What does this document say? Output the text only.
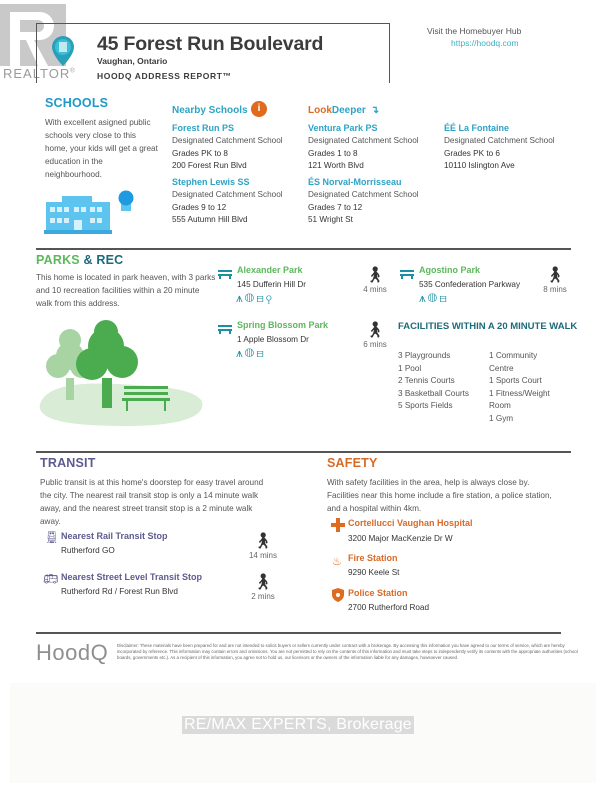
REALTOR®
45 Forest Run Boulevard
Vaughan, Ontario
HOODQ ADDRESS REPORT™
Visit the Homebuyer Hub
https://hoodq.com
SCHOOLS
With excellent asigned public schools very close to this home, your kids will get a great education in the neighbourhood.
Nearby Schools	i	LookDeeper ↴
Forest Run PS
Designated Catchment School
Grades PK to 8
200 Forest Run Blvd
Ventura Park PS
Designated Catchment School
Grades 1 to 8
121 Worth Blvd
ÉÉ La Fontaine
Designated Catchment School
Grades PK to 6
10110 Islington Ave
Stephen Lewis SS
Designated Catchment School
Grades 9 to 12
555 Autumn Hill Blvd
ÉS Norval-Morrisseau
Designated Catchment School
Grades 7 to 12
51 Wright St
PARKS & REC
This home is located in park heaven, with 3 parks and 10 recreation facilities within a 20 minute walk from this address.
Alexander Park
145 Dufferin Hill Dr
⩚◍⊟⚲
🚶︎
4 mins
Agostino Park
535 Confederation Parkway
⩚◍⊟
🚶︎
8 mins
Spring Blossom Park
1 Apple Blossom Dr
⩚◍⊟
🚶︎
6 mins
FACILITIES WITHIN A 20 MINUTE WALK
3 Playgrounds
1 Pool
2 Tennis Courts
3 Basketball Courts
5 Sports Fields
1 Community Centre
1 Sports Court
1 Fitness/Weight Room
1 Gym
TRANSIT
Public transit is at this home's doorstep for easy travel around the city. The nearest rail transit stop is only a 14 minute walk away, and the nearest street transit stop is a 2 minute walk away.
🚆︎ Nearest Rail Transit Stop
Rutherford GO
🚶︎
14 mins
🚌︎ Nearest Street Level Transit Stop
Rutherford Rd / Forest Run Blvd
🚶︎
2 mins
SAFETY
With safety facilities in the area, help is always close by. Facilities near this home include a fire station, a police station, and a hospital within 4km.
Cortellucci Vaughan Hospital
3200 Major MacKenzie Dr W
♨ Fire Station
9290 Keele St
Police Station
2700 Rutherford Road
HoodQ Disclaimer: These materials have been prepared for and are not intended to solicit buyers or sellers currently under contract with a brokerage. By accessing this information you have agreed to our terms of service, which are hereby incorporated by reference. This information may contain errors and omissions. You are not permitted to rely on the contents of this information and must take steps to independently verify its contents with the appropriate authorities (school boards, governments etc.). As a recipient of this information, you agree not to hold us, our licensors or the owners of the information liable for any damages, howsoever caused.
RE/MAX EXPERTS, Brokerage
